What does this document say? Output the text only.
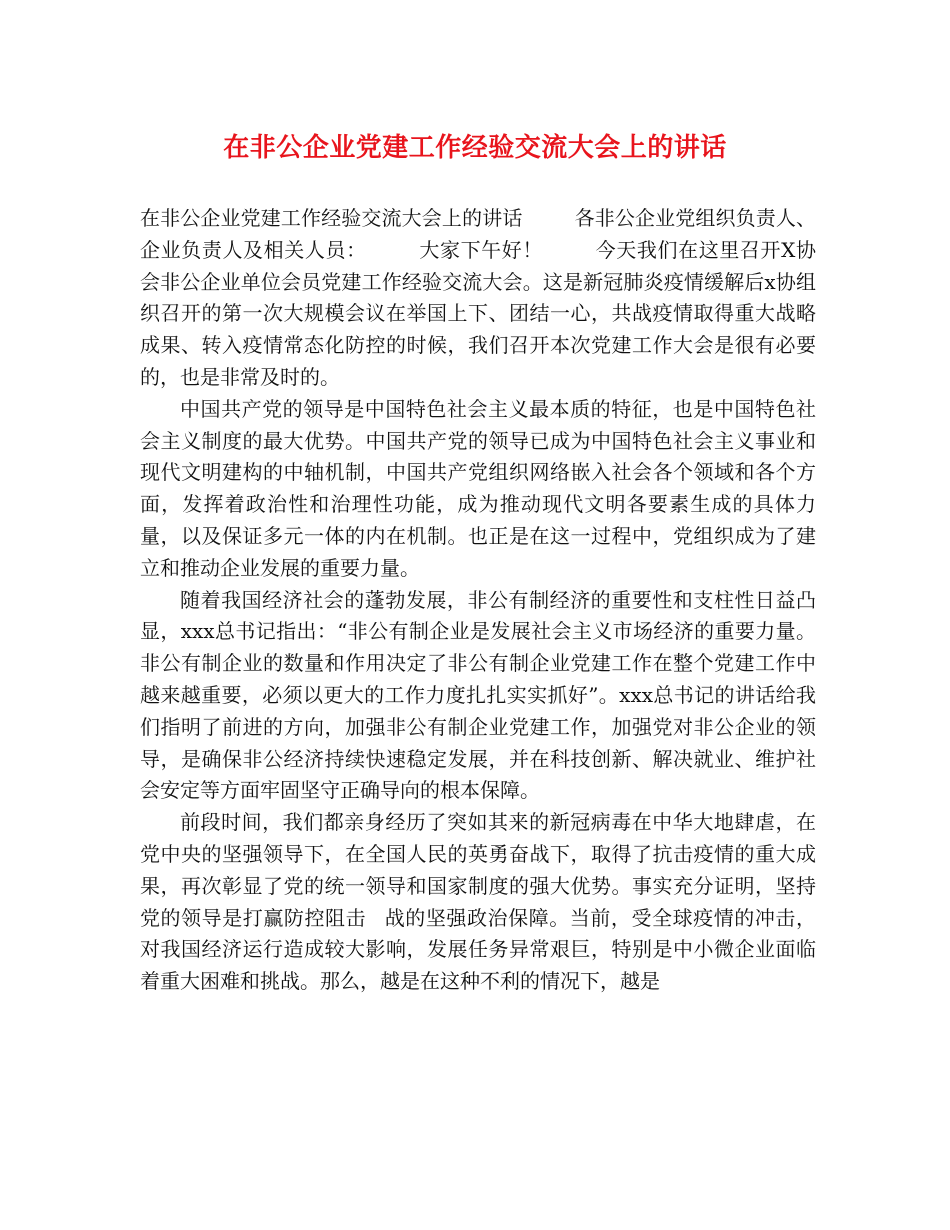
在非公企业党建工作经验交流大会上的讲话

在非公企业党建工作经验交流大会上的讲话	各非公企业党组织负责人、企业负责人及相关人员：	大家下午好！	今天我们在这里召开X协会非公企业单位会员党建工作经验交流大会。这是新冠肺炎疫情缓解后x协组织召开的第一次大规模会议在举国上下、团结一心，共战疫情取得重大战略成果、转入疫情常态化防控的时候，我们召开本次党建工作大会是很有必要的，也是非常及时的。

中国共产党的领导是中国特色社会主义最本质的特征，也是中国特色社会主义制度的最大优势。中国共产党的领导已成为中国特色社会主义事业和现代文明建构的中轴机制，中国共产党组织网络嵌入社会各个领域和各个方面，发挥着政治性和治理性功能，成为推动现代文明各要素生成的具体力量，以及保证多元一体的内在机制。也正是在这一过程中，党组织成为了建立和推动企业发展的重要力量。

随着我国经济社会的蓬勃发展，非公有制经济的重要性和支柱性日益凸显，xxx总书记指出：“非公有制企业是发展社会主义市场经济的重要力量。非公有制企业的数量和作用决定了非公有制企业党建工作在整个党建工作中越来越重要，必须以更大的工作力度扎扎实实抓好”。xxx总书记的讲话给我们指明了前进的方向，加强非公有制企业党建工作，加强党对非公企业的领导，是确保非公经济持续快速稳定发展，并在科技创新、解决就业、维护社会安定等方面牢固坚守正确导向的根本保障。

前段时间，我们都亲身经历了突如其来的新冠病毒在中华大地肆虐，在党中央的坚强领导下，在全国人民的英勇奋战下，取得了抗击疫情的重大成果，再次彰显了党的统一领导和国家制度的强大优势。事实充分证明，坚持党的领导是打赢防控阻击 战的坚强政治保障。当前，受全球疫情的冲击，对我国经济运行造成较大影响，发展任务异常艰巨，特别是中小微企业面临着重大困难和挑战。那么，越是在这种不利的情况下，越是
